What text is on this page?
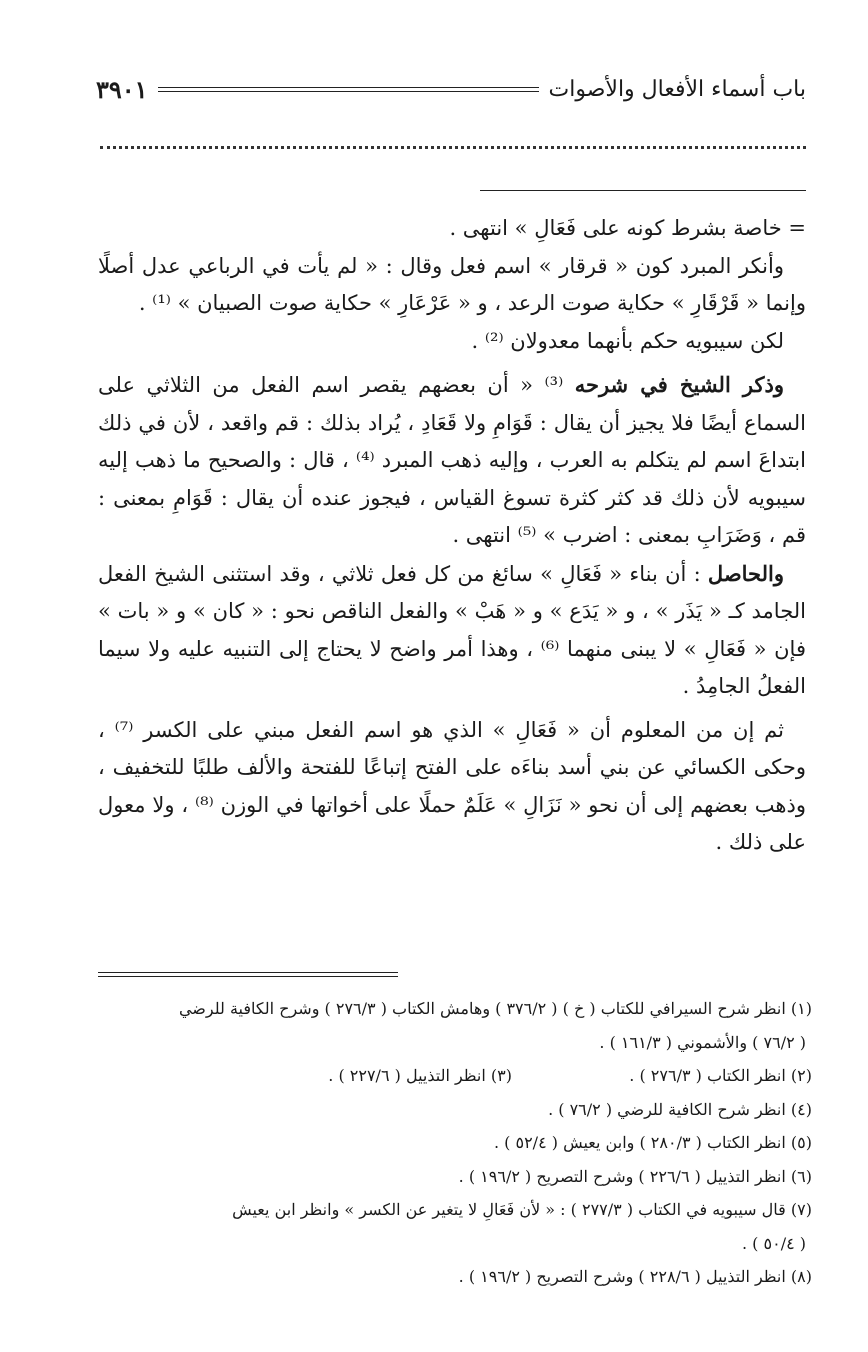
باب أسماء الأفعال والأصوات
٣٩٠١

= خاصة بشرط كونه على فَعَالِ » انتهى .

وأنكر المبرد كون « قرقار » اسم فعل وقال : « لم يأت في الرباعي عدل أصلًا وإنما « قَرْقَارِ » حكاية صوت الرعد ، و « عَرْعَارِ » حكاية صوت الصبيان » ⁽¹⁾ .

لكن سيبويه حكم بأنهما معدولان ⁽²⁾ .

وذكر الشيخ في شرحه ⁽³⁾ « أن بعضهم يقصر اسم الفعل من الثلاثي على السماع أيضًا فلا يجيز أن يقال : قَوَامِ ولا قَعَادِ ، يُراد بذلك : قم واقعد ، لأن في ذلك ابتداعَ اسم لم يتكلم به العرب ، وإليه ذهب المبرد ⁽⁴⁾ ، قال : والصحيح ما ذهب إليه سيبويه لأن ذلك قد كثر كثرة تسوغ القياس ، فيجوز عنده أن يقال : قَوَامِ بمعنى : قم ، وَضَرَابِ بمعنى : اضرب » ⁽⁵⁾ انتهى .

والحاصل : أن بناء « فَعَالِ » سائغ من كل فعل ثلاثي ، وقد استثنى الشيخ الفعل الجامد كـ « يَذَر » ، و « يَدَع » و « هَبْ » والفعل الناقص نحو : « كان » و « بات » فإن « فَعَالِ » لا يبنى منهما ⁽⁶⁾ ، وهذا أمر واضح لا يحتاج إلى التنبيه عليه ولا سيما الفعلُ الجامِدُ .

ثم إن من المعلوم أن « فَعَالِ » الذي هو اسم الفعل مبني على الكسر ⁽⁷⁾ ، وحكى الكسائي عن بني أسد بناءَه على الفتح إتباعًا للفتحة والألف طلبًا للتخفيف ، وذهب بعضهم إلى أن نحو « نَزَالِ » عَلَمٌ حملًا على أخواتها في الوزن ⁽⁸⁾ ، ولا معول على ذلك .

(١) انظر شرح السيرافي للكتاب ( خ ) ( ٣٧٦/٢ ) وهامش الكتاب ( ٢٧٦/٣ ) وشرح الكافية للرضي

( ٧٦/٢ ) والأشموني ( ١٦١/٣ ) .

(٢) انظر الكتاب ( ٢٧٦/٣ ) .
(٣) انظر التذييل ( ٢٢٧/٦ ) .

(٤) انظر شرح الكافية للرضي ( ٧٦/٢ ) .

(٥) انظر الكتاب ( ٢٨٠/٣ ) وابن يعيش ( ٥٢/٤ ) .

(٦) انظر التذييل ( ٢٢٦/٦ ) وشرح التصريح ( ١٩٦/٢ ) .

(٧) قال سيبويه في الكتاب ( ٢٧٧/٣ ) : « لأن فَعَالِ لا يتغير عن الكسر » وانظر ابن يعيش

( ٥٠/٤ ) .

(٨) انظر التذييل ( ٢٢٨/٦ ) وشرح التصريح ( ١٩٦/٢ ) .
